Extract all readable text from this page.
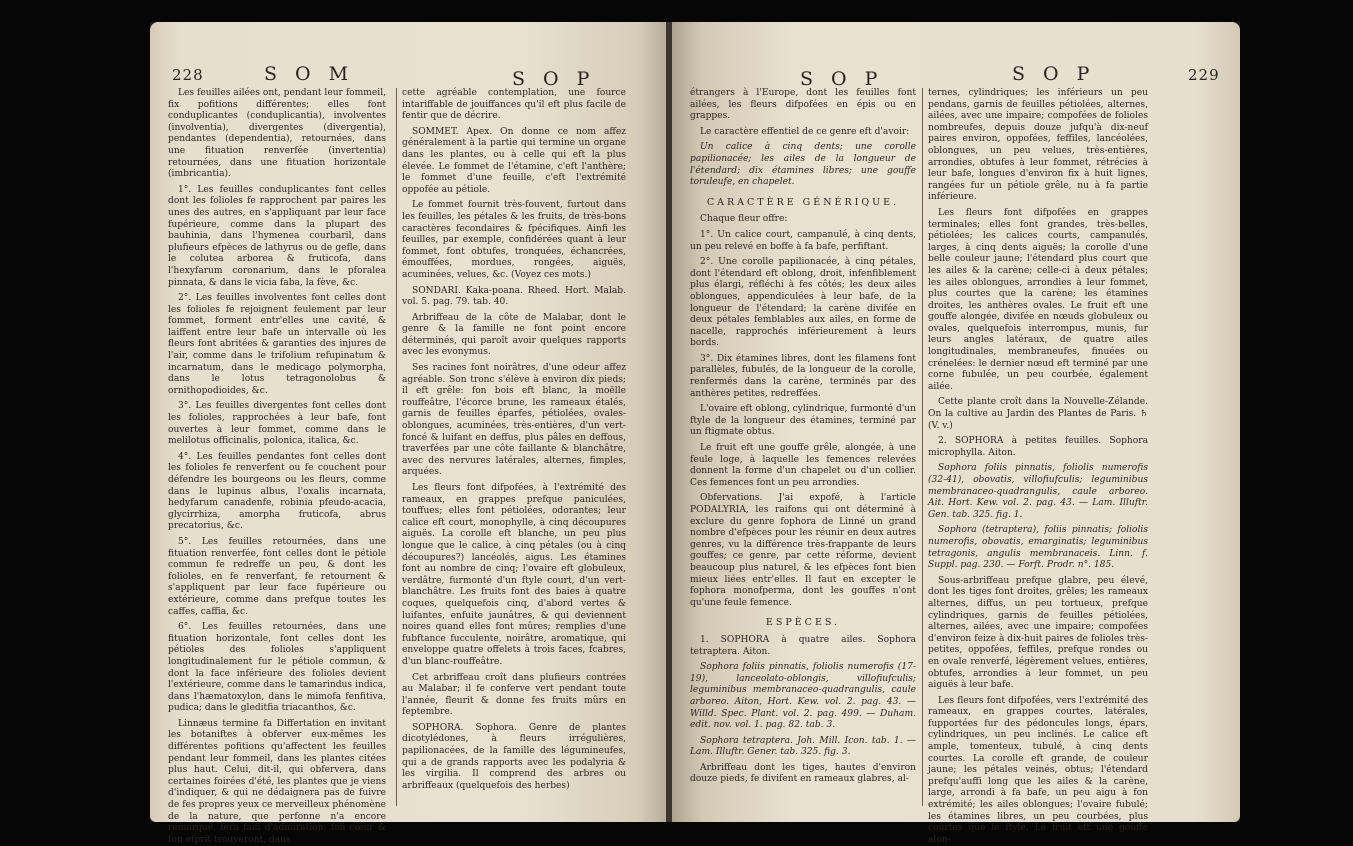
228	S O M	S O P	S O P	S O P	229

Les feuilles ailées ont, pendant leur fommeil, fix pofitions différentes; elles font conduplicantes (conduplicantia), involventes (involventia), divergentes (divergentia), pendantes (dependentia), retournées, dans une fituation renverfée (invertentia) retournées, dans une fituation horizontale (imbricantia).

1°. Les feuilles conduplicantes font celles dont les folioles fe rapprochent par paires les unes des autres, en s'appliquant par leur face fupérieure, comme dans la plupart des bauhinia, dans l'hymenea courbaril, dans plufieurs efpèces de lathyrus ou de gefle, dans le colutea arborea & fruticofa, dans l'hexyfarum coronarium, dans le pforalea pinnata, & dans le vicia faba, la fève, &c.

2°. Les feuilles involventes font celles dont les folioles fe rejoignent feulement par leur fommet, forment entr'elles une cavité, & laiffent entre leur bafe un intervalle où les fleurs font abritées & garanties des injures de l'air, comme dans le trifolium refupinatum & incarnatum, dans le medicago polymorpha, dans le lotus tetragonolobus & ornithopodioides, &c.

3°. Les feuilles divergentes font celles dont les folioles, rapprochées à leur bafe, font ouvertes à leur fommet, comme dans le melilotus officinalis, polonica, italica, &c.

4°. Les feuilles pendantes font celles dont les folioles fe renverfent ou fe couchent pour défendre les bourgeons ou les fleurs, comme dans le lupinus albus, l'oxalis incarnata, hedyfarum canadenfe, robinia pfeudo-acacia, glycirrhiza, amorpha fruticofa, abrus precatorius, &c.

5°. Les feuilles retournées, dans une fituation renverfée, font celles dont le pétiole commun fe redreffe un peu, & dont les folioles, en fe renverfant, fe retournent & s'appliquent par leur face fupérieure ou extérieure, comme dans prefque toutes les caffes, caffia, &c.

6°. Les feuilles retournées, dans une fituation horizontale, font celles dont les pétioles des folioles s'appliquent longitudinalement fur le pétiole commun, & dont la face inférieure des folioles devient l'extérieure, comme dans le tamarindus indica, dans l'hæmatoxylon, dans le mimofa fenfitiva, pudica; dans le gleditfia triacanthos, &c.

Linnæus termine fa Differtation en invitant les botaniftes à obferver eux-mêmes les différentes pofitions qu'affectent les feuilles pendant leur fommeil, dans les plantes citées plus haut. Celui, dit-il, qui obfervera, dans certaines foirées d'été, les plantes que je viens d'indiquer, & qui ne dédaignera pas de fuivre de fes propres yeux ce merveilleux phénomène de la nature, que perfonne n'a encore remarqué, fera faifi d'admiration; fon cœur & fon efprit trouveront, dans

cette agréable contemplation, une fource intariffable de jouiffances qu'il eft plus facile de fentir que de décrire.

SOMMET. Apex. On donne ce nom affez généralement à la partie qui termine un organe dans les plantes, ou à celle qui eft la plus élevée. Le fommet de l'étamine, c'eft l'anthère; le fommet d'une feuille, c'eft l'extrémité oppofée au pétiole.

Le fommet fournit très-fouvent, furtout dans les feuilles, les pétales & les fruits, de très-bons caractères fecondaires & fpécifiques. Ainfi les feuilles, par exemple, confidérées quant à leur fommet, font obtufes, tronquées, échancrées, émouffées, mordues, rongées, aiguës, acuminées, velues, &c. (Voyez ces mots.)

SONDARI. Kaka-poana. Rheed. Hort. Malab. vol. 5. pag. 79. tab. 40.

Arbriffeau de la côte de Malabar, dont le genre & la famille ne font point encore déterminés, qui paroît avoir quelques rapports avec les evonymus.

Ses racines font noirâtres, d'une odeur affez agréable. Son tronc s'élève à environ dix pieds; il eft grêle: fon bois eft blanc, la moëlle rouffeâtre, l'écorce brune, les rameaux étalés, garnis de feuilles éparfes, pétiolées, ovales-oblongues, acuminées, très-entières, d'un vert-foncé & luifant en deffus, plus pâles en deffous, traverfées par une côte faillante & blanchâtre, avec des nervures latérales, alternes, fimples, arquées.

Les fleurs font difpofées, à l'extrémité des rameaux, en grappes prefque paniculées, touffues; elles font pétiolées, odorantes; leur calice eft court, monophylle, à cinq découpures aiguës. La corolle eft blanche, un peu plus longue que le calice, à cinq pétales (ou à cinq découpures?) lancéolés, aigus. Les étamines font au nombre de cinq; l'ovaire eft globuleux, verdâtre, furmonté d'un ftyle court, d'un vert-blanchâtre. Les fruits font des baies à quatre coques, quelquefois cinq, d'abord vertes & luifantes, enfuite jaunâtres, & qui deviennent noires quand elles font mûres; remplies d'une fubftance fucculente, noirâtre, aromatique, qui enveloppe quatre offelets à trois faces, fcabres, d'un blanc-rouffeâtre.

Cet arbriffeau croît dans plufieurs contrées au Malabar; il fe conferve vert pendant toute l'année, fleurit & donne fes fruits mûrs en feptembre.

SOPHORA. Sophora. Genre de plantes dicotylédones, à fleurs irrégulières, papilionacées, de la famille des légumineufes, qui a de grands rapports avec les podalyria & les virgilia. Il comprend des arbres ou arbriffeaux (quelquefois des herbes)

étrangers à l'Europe, dont les feuilles font ailées, les fleurs difpofées en épis ou en grappes.

Le caractère effentiel de ce genre eft d'avoir:

Un calice à cinq dents; une corolle papilionacée; les ailes de la longueur de l'étendard; dix étamines libres; une gouffe toruleufe, en chapelet.

CARACTÈRE GÉNÉRIQUE.

Chaque fleur offre:

1°. Un calice court, campanulé, à cinq dents, un peu relevé en boffe à fa bafe, perfiftant.

2°. Une corolle papilionacée, à cinq pétales, dont l'étendard eft oblong, droit, infenfiblement plus élargi, réfléchi à fes côtés; les deux ailes oblongues, appendiculées à leur bafe, de la longueur de l'étendard; la carène divifée en deux pétales femblables aux ailes, en forme de nacelle, rapprochés inférieurement à leurs bords.

3°. Dix étamines libres, dont les filamens font parallèles, fubulés, de la longueur de la corolle, renfermés dans la carène, terminés par des anthères petites, redreffées.

L'ovaire eft oblong, cylindrique, furmonté d'un ftyle de la longueur des étamines, terminé par un ftigmate obtus.

Le fruit eft une gouffe grêle, alongée, à une feule loge, à laquelle les femences relevées donnent la forme d'un chapelet ou d'un collier. Ces femences font un peu arrondies.

Obfervations. J'ai expofé, à l'article PODALYRIA, les raifons qui ont déterminé à exclure du genre fophora de Linné un grand nombre d'efpèces pour les réunir en deux autres genres, vu la différence très-frappante de leurs gouffes; ce genre, par cette réforme, devient beaucoup plus naturel, & les efpèces font bien mieux liées entr'elles. Il faut en excepter le fophora monofperma, dont les gouffes n'ont qu'une feule femence.

ESPÈCES.

1. SOPHORA à quatre ailes. Sophora tetraptera. Aiton.

Sophora foliis pinnatis, foliolis numerofis (17-19), lanceolato-oblongis, villofiufculis; leguminibus membranaceo-quadrangulis, caule arboreo. Aiton, Hort. Kew. vol. 2. pag. 43. — Willd. Spec. Plant. vol. 2. pag. 499. — Duham. edit. nov. vol. 1. pag. 82. tab. 3.

Sophora tetraptera. Joh. Mill. Icon. tab. 1. — Lam. Illuftr. Gener. tab. 325. fig. 3.

Arbriffeau dont les tiges, hautes d'environ douze pieds, fe divifent en rameaux glabres, al-

ternes, cylindriques; les inférieurs un peu pendans, garnis de feuilles pétiolées, alternes, ailées, avec une impaire; compofées de folioles nombreufes, depuis douze jufqu'à dix-neuf paires environ, oppofées, feffiles, lancéolées, oblongues, un peu velues, très-entières, arrondies, obtufes à leur fommet, rétrécies à leur bafe, longues d'environ fix à huit lignes, rangées fur un pétiole grêle, nu à fa partie inférieure.

Les fleurs font difpofées en grappes terminales; elles font grandes, très-belles, pétiolées; les calices courts, campanulés, larges, à cinq dents aiguës; la corolle d'une belle couleur jaune; l'étendard plus court que les ailes & la carène; celle-ci à deux pétales; les ailes oblongues, arrondies à leur fommet, plus courtes que la carène; les étamines droites, les anthères ovales. Le fruit eft une gouffe alongée, divifée en nœuds globuleux ou ovales, quelquefois interrompus, munis, fur leurs angles latéraux, de quatre ailes longitudinales, membraneufes, finuées ou crénelées: le dernier nœud eft terminé par une corne fubulée, un peu courbée, également ailée.

Cette plante croît dans la Nouvelle-Zélande. On la cultive au Jardin des Plantes de Paris. ♄ (V. v.)

2. SOPHORA à petites feuilles. Sophora microphylla. Aiton.

Sophora foliis pinnatis, foliolis numerofis (32-41), obovatis, villofiufculis; leguminibus membranaceo-quadrangulis, caule arboreo. Ait. Hort. Kew. vol. 2. pag. 43. — Lam. Illuftr. Gen. tab. 325. fig. 1.

Sophora (tetraptera), foliis pinnatis; foliolis numerofis, obovatis, emarginatis; leguminibus tetragonis, angulis membranaceis. Linn. f. Suppl. pag. 230. — Forft. Prodr. n°. 185.

Sous-arbriffeau prefque glabre, peu élevé, dont les tiges font droites, grêles; les rameaux alternes, diffus, un peu tortueux, prefque cylindriques, garnis de feuilles pétiolées, alternes, ailées, avec une impaire; compofées d'environ feize à dix-huit paires de folioles très-petites, oppofées, feffiles, prefque rondes ou en ovale renverfé, légèrement velues, entières, obtufes, arrondies à leur fommet, un peu aiguës à leur bafe.

Les fleurs font difpofées, vers l'extrémité des rameaux, en grappes courtes, latérales, fupportées fur des pédoncules longs, épars, cylindriques, un peu inclinés. Le calice eft ample, tomenteux, tubulé, à cinq dents courtes. La corolle eft grande, de couleur jaune; les pétales veinés, obtus; l'étendard prefqu'auffi long que les ailes & la carène, large, arrondi à fa bafe, un peu aigu à fon extrémité; les ailes oblongues; l'ovaire fubulé; les étamines libres, un peu courbées, plus courtes que le ftyle. Le fruit eft une gouffe alon-
